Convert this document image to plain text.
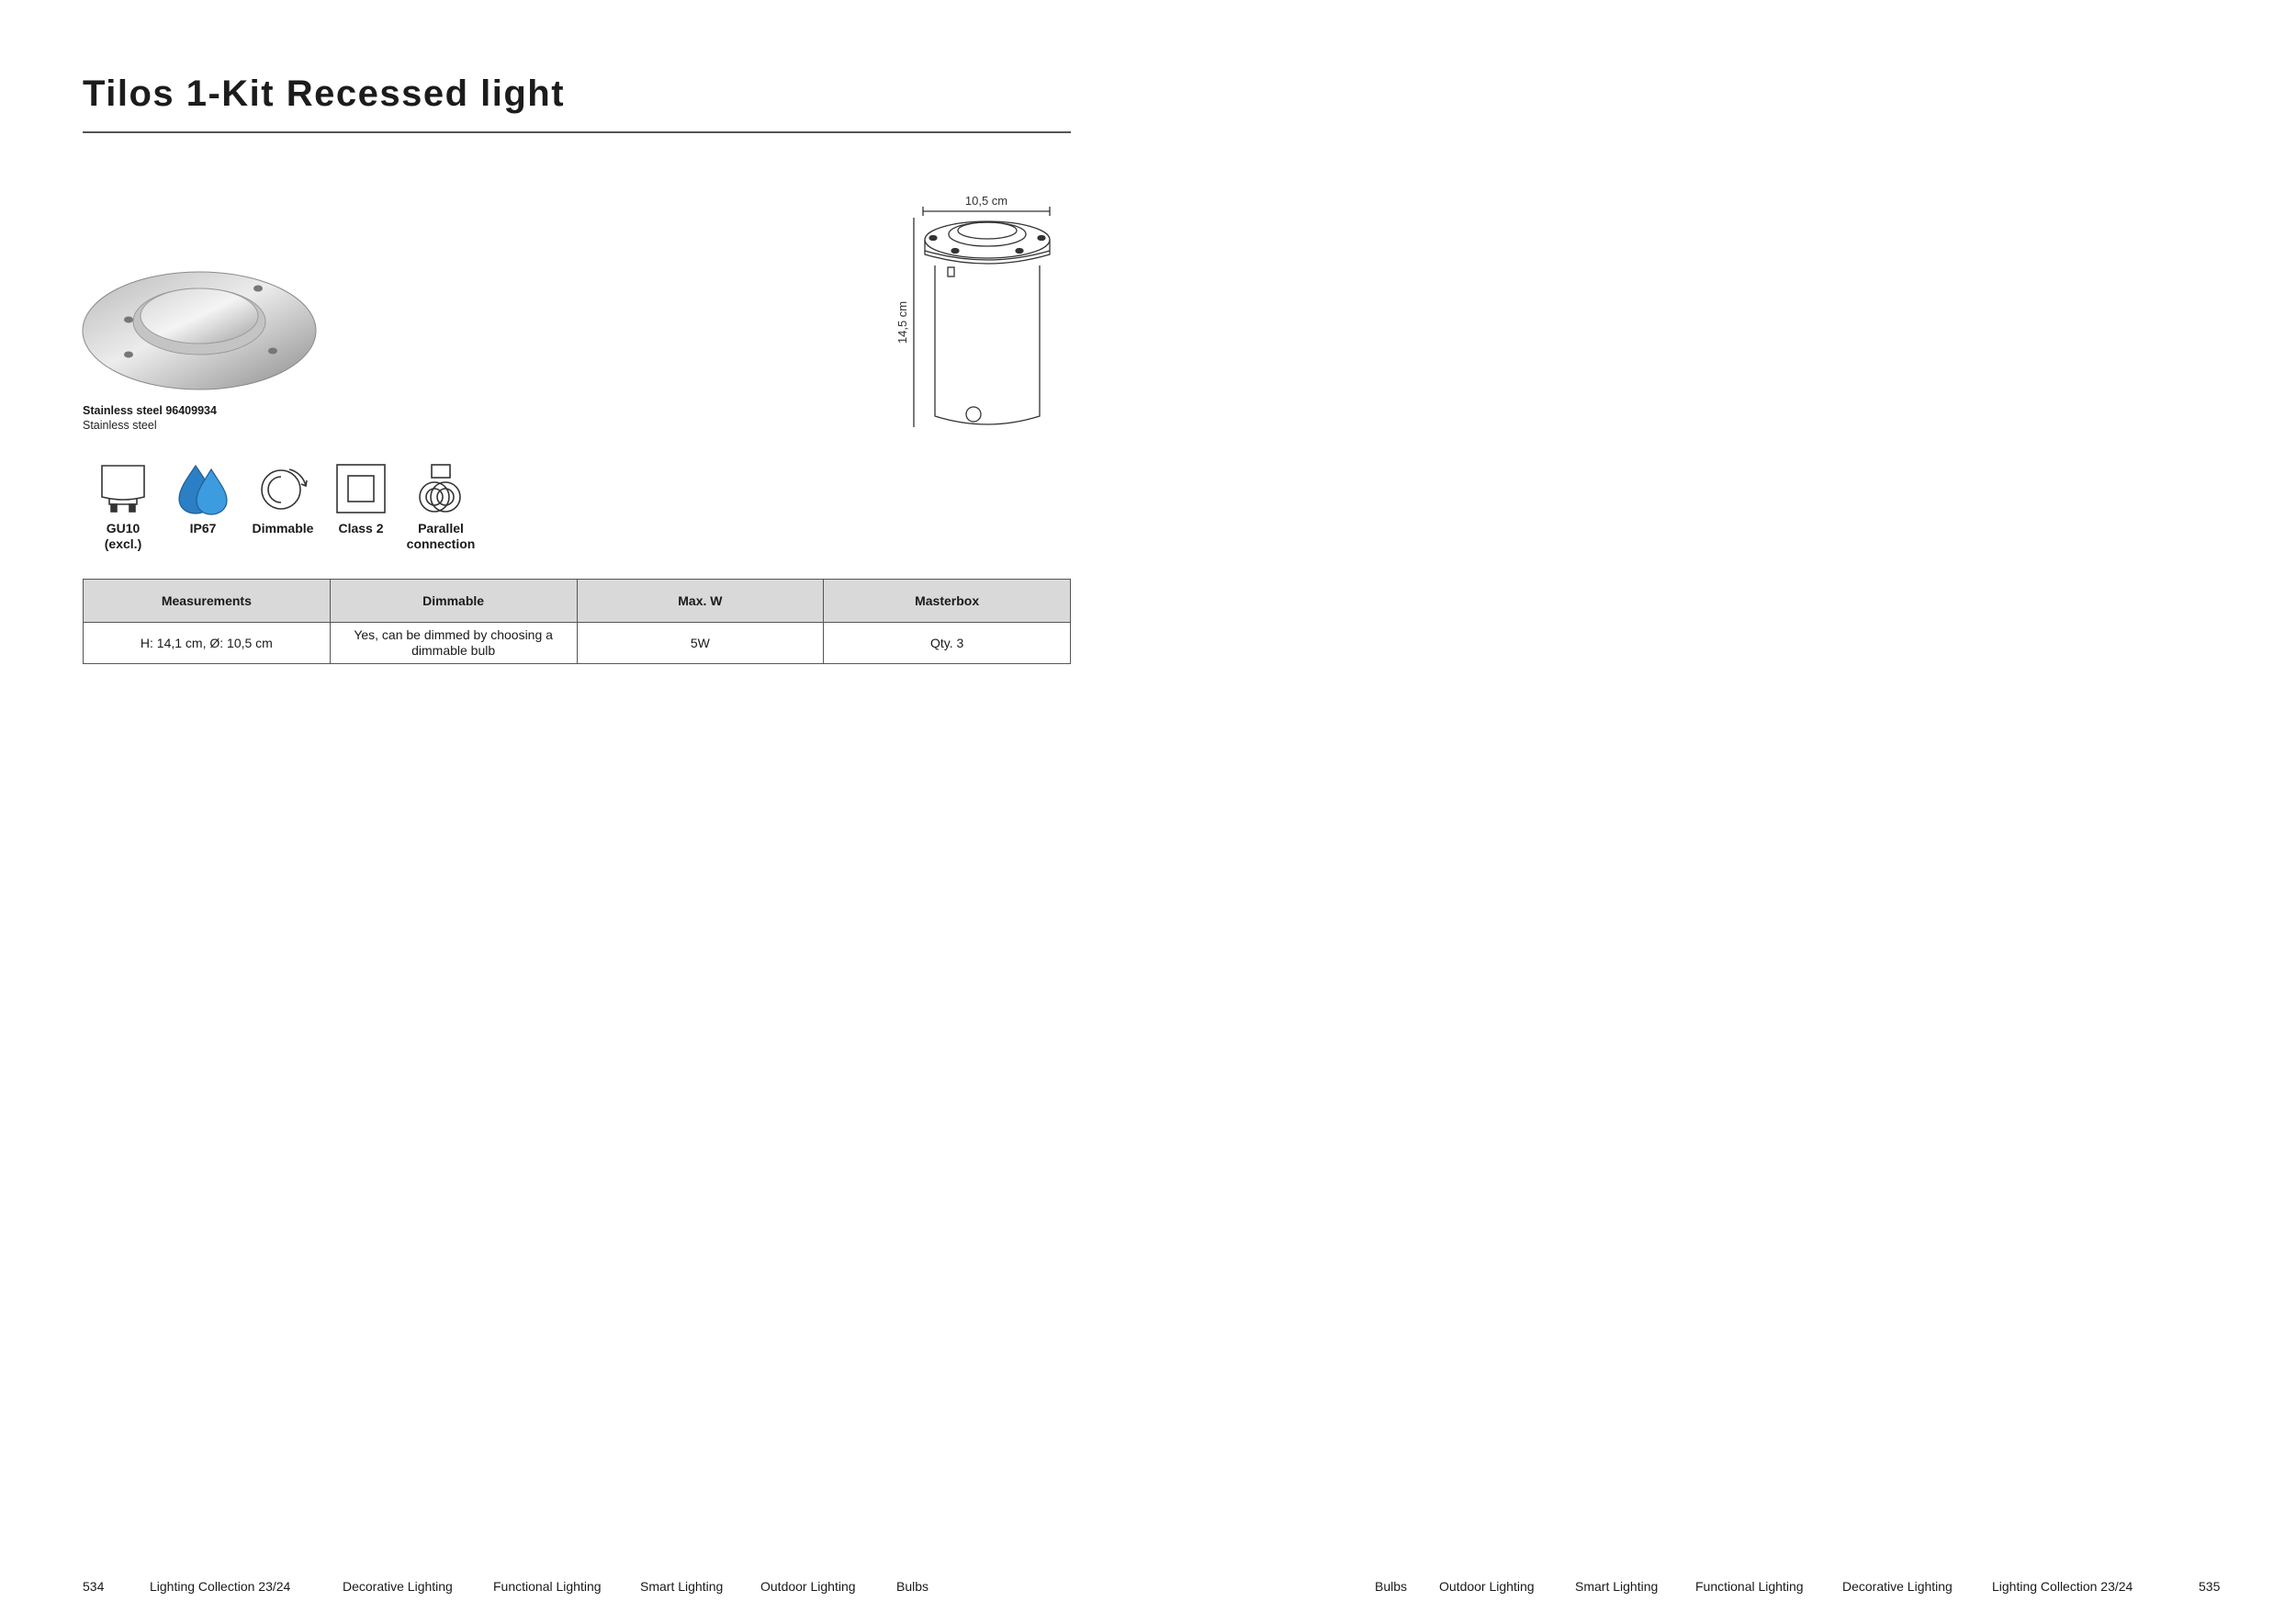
Tilos 1-Kit Recessed light
Stainless steel 96409934
Stainless steel
10,5 cm
14,5 cm
GU10
(excl.)
IP67	Dimmable	Class 2	Parallel
connection
Measurements	Dimmable	Max. W	Masterbox
H: 14,1 cm, Ø: 10,5 cm	Yes, can be dimmed by choosing a dimmable bulb	5W	Qty. 3
534	Lighting Collection 23/24	Decorative Lighting	Functional Lighting	Smart Lighting	Outdoor Lighting	Bulbs	Bulbs Outdoor Lighting	Smart Lighting	Functional Lighting	Decorative Lighting	Lighting Collection 23/24	535
